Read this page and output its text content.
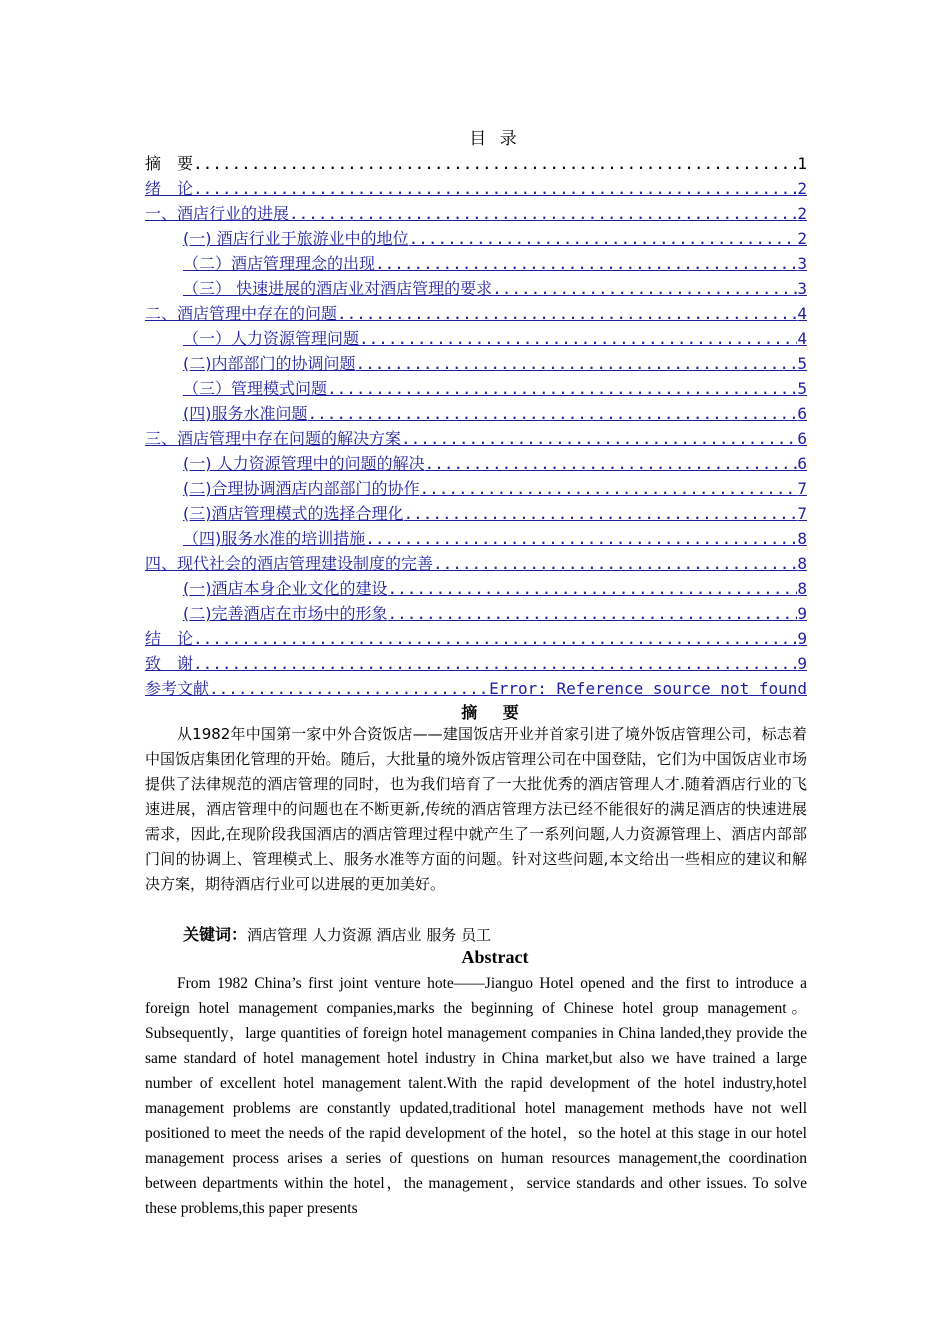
目 录
摘　要 .....	1
绪　论 .....	2
一、酒店行业的进展 .....	2
(一) 酒店行业于旅游业中的地位 .....	2
（二）酒店管理理念的出现 .....	3
（三） 快速进展的酒店业对酒店管理的要求 .....	3
二、酒店管理中存在的问题 .....	4
（一）人力资源管理问题 .....	4
(二)内部部门的协调问题 .....	5
（三）管理模式问题 .....	5
(四)服务水准问题 .....	6
三、酒店管理中存在问题的解决方案 .....	6
(一) 人力资源管理中的问题的解决 .....	6
(二)合理协调酒店内部部门的协作 .....	7
(三)酒店管理模式的选择合理化 .....	7
（四)服务水准的培训措施 .....	8
四、现代社会的酒店管理建设制度的完善 .....	8
(一)酒店本身企业文化的建设 .....	8
(二)完善酒店在市场中的形象 .....	9
结　论 .....	9
致　谢 .....	9
参考文献 .....	Error: Reference source not found
摘 要

从1982年中国第一家中外合资饭店——建国饭店开业并首家引进了境外饭店管理公司，标志着中国饭店集团化管理的开始。随后，大批量的境外饭店管理公司在中国登陆，它们为中国饭店业市场提供了法律规范的酒店管理的同时，也为我们培育了一大批优秀的酒店管理人才.随着酒店行业的飞速进展，酒店管理中的问题也在不断更新,传统的酒店管理方法已经不能很好的满足酒店的快速进展需求，因此,在现阶段我国酒店的酒店管理过程中就产生了一系列问题,人力资源管理上、酒店内部部门间的协调上、管理模式上、服务水准等方面的问题。针对这些问题,本文给出一些相应的建议和解决方案，期待酒店行业可以进展的更加美好。

关键词：酒店管理 人力资源 酒店业 服务 员工
Abstract

From 1982 China’s first joint venture hote——Jianguo Hotel opened and the first to introduce a foreign hotel management companies,marks the beginning of Chinese hotel group management。Subsequently，large quantities of foreign hotel management companies in China landed,they provide the same standard of hotel management hotel industry in China market,but also we have trained a large number of excellent hotel management talent.With the rapid development of the hotel industry,hotel management problems are constantly updated,traditional hotel management methods have not well positioned to meet the needs of the rapid development of the hotel，so the hotel at this stage in our hotel management process arises a series of questions on human resources management,the coordination between departments within the hotel，the management，service standards and other issues. To solve these problems,this paper presents
